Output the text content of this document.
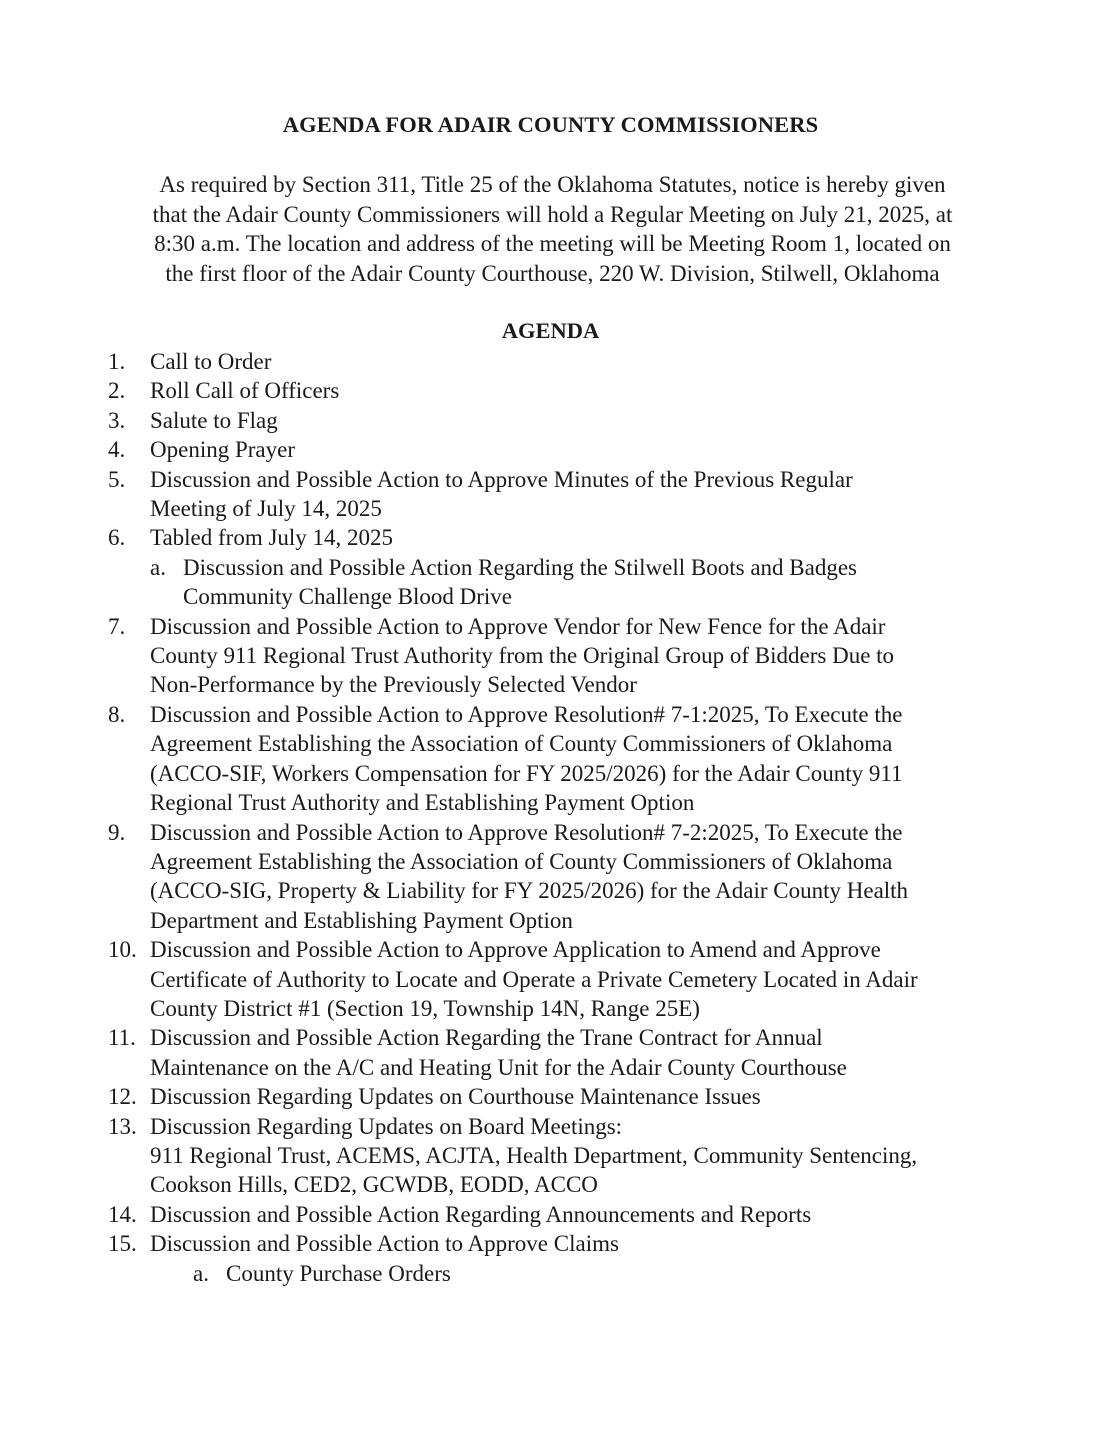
AGENDA FOR ADAIR COUNTY COMMISSIONERS
As required by Section 311, Title 25 of the Oklahoma Statutes, notice is hereby given
that the Adair County Commissioners will hold a Regular Meeting on July 21, 2025, at
8:30 a.m. The location and address of the meeting will be Meeting Room 1, located on
the first floor of the Adair County Courthouse, 220 W. Division, Stilwell, Oklahoma
AGENDA
1.	Call to Order
2.	Roll Call of Officers
3.	Salute to Flag
4.	Opening Prayer
5.	Discussion and Possible Action to Approve Minutes of the Previous Regular
Meeting of July 14, 2025
6.	Tabled from July 14, 2025
a. Discussion and Possible Action Regarding the Stilwell Boots and Badges
Community Challenge Blood Drive
7.	Discussion and Possible Action to Approve Vendor for New Fence for the Adair
County 911 Regional Trust Authority from the Original Group of Bidders Due to
Non-Performance by the Previously Selected Vendor
8.	Discussion and Possible Action to Approve Resolution# 7-1:2025, To Execute the
Agreement Establishing the Association of County Commissioners of Oklahoma
(ACCO-SIF, Workers Compensation for FY 2025/2026) for the Adair County 911
Regional Trust Authority and Establishing Payment Option
9.	Discussion and Possible Action to Approve Resolution# 7-2:2025, To Execute the
Agreement Establishing the Association of County Commissioners of Oklahoma
(ACCO-SIG, Property & Liability for FY 2025/2026) for the Adair County Health
Department and Establishing Payment Option
10. Discussion and Possible Action to Approve Application to Amend and Approve
Certificate of Authority to Locate and Operate a Private Cemetery Located in Adair
County District #1 (Section 19, Township 14N, Range 25E)
11. Discussion and Possible Action Regarding the Trane Contract for Annual
Maintenance on the A/C and Heating Unit for the Adair County Courthouse
12. Discussion Regarding Updates on Courthouse Maintenance Issues
13. Discussion Regarding Updates on Board Meetings:
911 Regional Trust, ACEMS, ACJTA, Health Department, Community Sentencing,
Cookson Hills, CED2, GCWDB, EODD, ACCO
14. Discussion and Possible Action Regarding Announcements and Reports
15. Discussion and Possible Action to Approve Claims
a. County Purchase Orders
